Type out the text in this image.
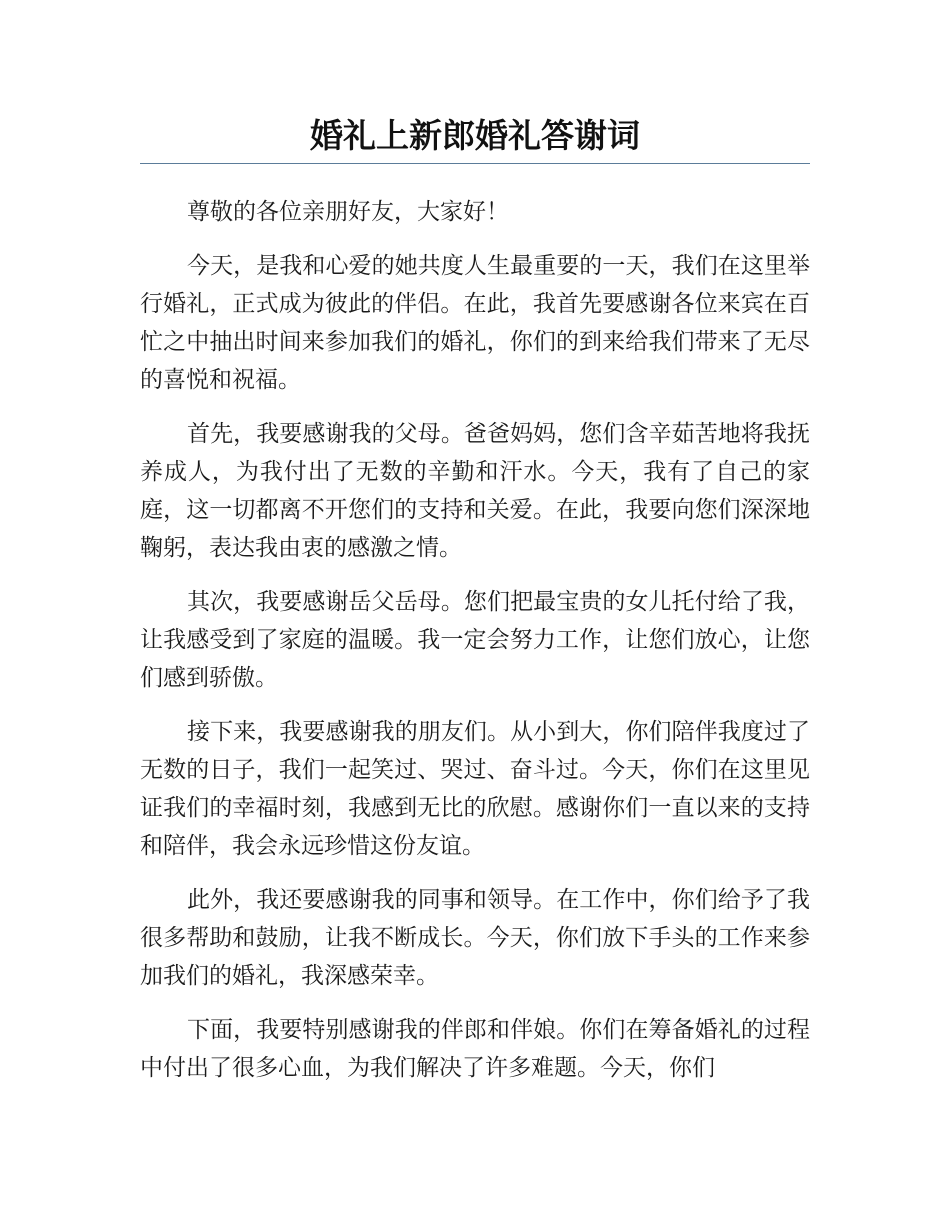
婚礼上新郎婚礼答谢词

尊敬的各位亲朋好友，大家好！

今天，是我和心爱的她共度人生最重要的一天，我们在这里举行婚礼，正式成为彼此的伴侣。在此，我首先要感谢各位来宾在百忙之中抽出时间来参加我们的婚礼，你们的到来给我们带来了无尽的喜悦和祝福。

首先，我要感谢我的父母。爸爸妈妈，您们含辛茹苦地将我抚养成人，为我付出了无数的辛勤和汗水。今天，我有了自己的家庭，这一切都离不开您们的支持和关爱。在此，我要向您们深深地鞠躬，表达我由衷的感激之情。

其次，我要感谢岳父岳母。您们把最宝贵的女儿托付给了我，让我感受到了家庭的温暖。我一定会努力工作，让您们放心，让您们感到骄傲。

接下来，我要感谢我的朋友们。从小到大，你们陪伴我度过了无数的日子，我们一起笑过、哭过、奋斗过。今天，你们在这里见证我们的幸福时刻，我感到无比的欣慰。感谢你们一直以来的支持和陪伴，我会永远珍惜这份友谊。

此外，我还要感谢我的同事和领导。在工作中，你们给予了我很多帮助和鼓励，让我不断成长。今天，你们放下手头的工作来参加我们的婚礼，我深感荣幸。

下面，我要特别感谢我的伴郎和伴娘。你们在筹备婚礼的过程中付出了很多心血，为我们解决了许多难题。今天，你们
